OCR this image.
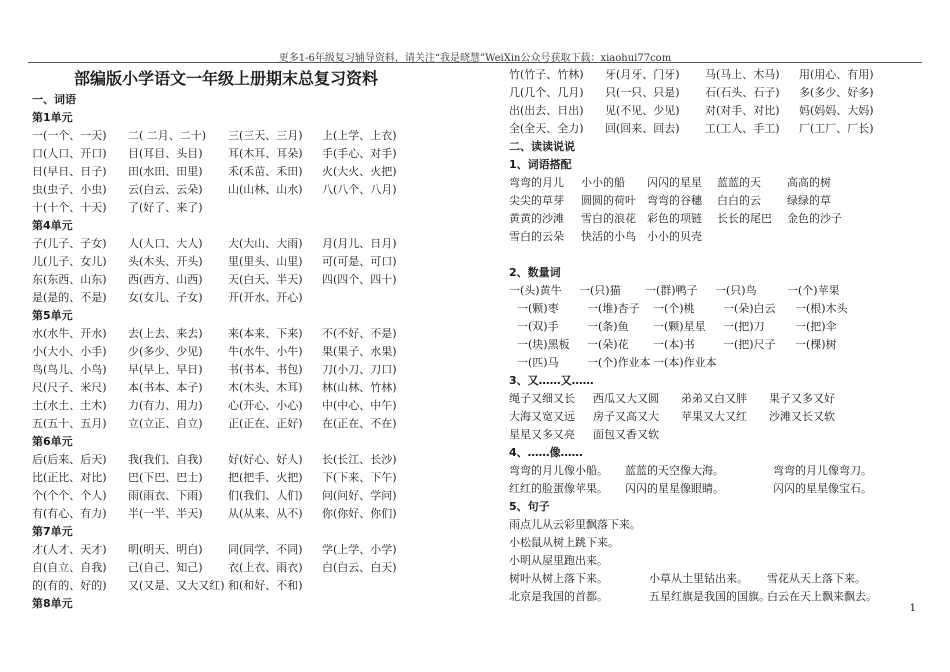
更多1-6年级复习辅导资料，请关注“我是晓慧”WeiXin公众号获取下载：xiaohui77com
部编版小学语文一年级上册期末总复习资料
一、词语
第1单元
一(一个、一天) 二( 二月、二十) 三(三天、三月) 上(上学、上衣)
口(人口、开口) 目(耳目、头目) 耳(木耳、耳朵) 手(手心、对手)
日(早日、日子) 田(水田、田里) 禾(禾苗、禾田) 火(大火、火把)
虫(虫子、小虫) 云(白云、云朵) 山(山林、山水) 八(八个、八月)
十(十个、十天) 了(好了、来了)
第4单元
子(儿子、子女) 人(人口、大人) 大(大山、大雨) 月(月儿、日月)
儿(儿子、女儿) 头(木头、开头) 里(里头、山里) 可(可是、可口)
东(东西、山东) 西(西方、山西) 天(白天、半天) 四(四个、四十)
是(是的、不是) 女(女儿、子女) 开(开水、开心)
第5单元
水(水牛、开水) 去(上去、来去) 来(本来、下来) 不(不好、不是)
小(大小、小手) 少(多少、少见) 牛(水牛、小牛) 果(果子、水果)
鸟(鸟儿、小鸟) 早(早上、早日) 书(书本、书包) 刀(小刀、刀口)
尺(尺子、米尺) 本(书本、本子) 木(木头、木耳) 林(山林、竹林)
土(水土、土木) 力(有力、用力) 心(开心、小心) 中(中心、中午)
五(五十、五月) 立(立正、自立) 正(正在、正好) 在(正在、不在)
第6单元
后(后来、后天) 我(我们、自我) 好(好心、好人) 长(长江、长沙)
比(正比、对比) 巴(下巴、巴士) 把(把手、火把) 下(下来、下午)
个(个个、个人) 雨(雨衣、下雨) 们(我们、人们) 问(问好、学问)
有(有心、有力) 半(一半、半天) 从(从来、从不) 你(你好、你们)
第7单元
才(人才、天才) 明(明天、明白) 同(同学、不同) 学(上学、小学)
自(自立、自我) 己(自己、知己) 衣(上衣、雨衣) 白(白云、白天)
的(有的、好的) 又(又是、又大又红) 和(和好、不和)
第8单元
竹(竹子、竹林) 牙(月牙、门牙) 马(马上、木马) 用(用心、有用)
几(几个、几月) 只(一只、只是) 石(石头、石子) 多(多少、好多)
出(出去、日出) 见(不见、少见) 对(对手、对比) 妈(妈妈、大妈)
全(全天、全力) 回(回来、回去) 工(工人、手工) 厂(工厂、厂长)
二、读读说说
1、词语搭配
弯弯的月儿 小小的船 闪闪的星星 蓝蓝的天 高高的树
尖尖的草芽 圆圆的荷叶 弯弯的谷穗 白白的云 绿绿的草
黄黄的沙滩 雪白的浪花 彩色的项链 长长的尾巴 金色的沙子
雪白的云朵 快活的小鸟 小小的贝壳
2、数量词
一(头)黄牛 一(只)猫 一(群)鸭子 一(只)鸟	一(个)苹果
一(颗)枣	一(堆)杏子 一(个)桃	一(朵)白云 一(根)木头
一(双)手	一(条)鱼 一(颗)星星 一(把)刀	一(把)伞
一(块)黑板 一(朵)花 一(本)书	一(把)尺子 一(棵)树
一(匹)马	一(个)作业本 一(本)作业本
3、又……又……
绳子又细又长 西瓜又大又圆 弟弟又白又胖 果子又多又好
大海又宽又远 房子又高又大 苹果又大又红 沙滩又长又软
星星又多又亮 面包又香又软
4、……像……
弯弯的月儿像小船。 蓝蓝的天空像大海。	弯弯的月儿像弯刀。
红红的脸蛋像苹果。 闪闪的星星像眼睛。	闪闪的星星像宝石。
5、句子
雨点儿从云彩里飘落下来。
小松鼠从树上跳下来。
小明从屋里跑出来。
树叶从树上落下来。	小草从土里钻出来。 雪花从天上落下来。
北京是我国的首都。	五星红旗是我国的国旗。
白云在天上飘来飘去。
1
